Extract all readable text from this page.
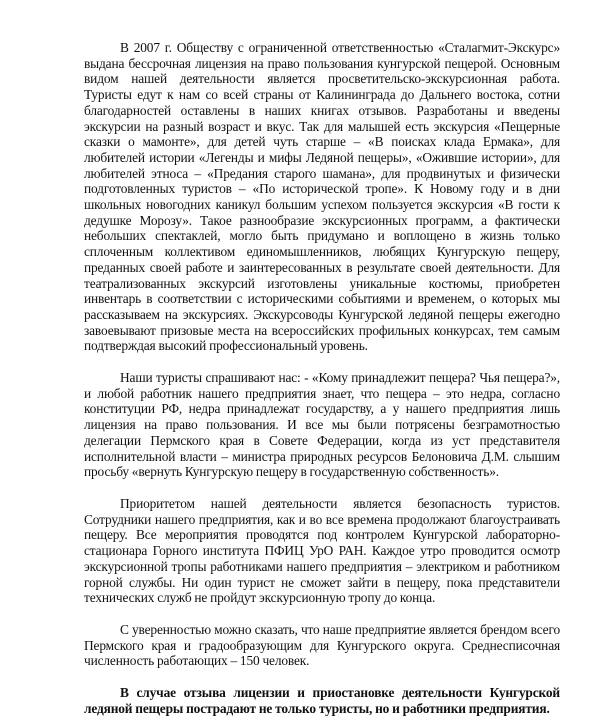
В 2007 г. Обществу с ограниченной ответственностью «Сталагмит-Экскурс» выдана бессрочная лицензия на право пользования кунгурской пещерой. Основным видом нашей деятельности является просветительско-экскурсионная работа. Туристы едут к нам со всей страны от Калининграда до Дальнего востока, сотни благодарностей оставлены в наших книгах отзывов. Разработаны и введены экскурсии на разный возраст и вкус. Так для малышей есть экскурсия «Пещерные сказки о мамонте», для детей чуть старше – «В поисках клада Ермака», для любителей истории «Легенды и мифы Ледяной пещеры», «Ожившие истории», для любителей этноса – «Предания старого шамана», для продвинутых и физически подготовленных туристов – «По исторической тропе». К Новому году и в дни школьных новогодних каникул большим успехом пользуется экскурсия «В гости к дедушке Морозу». Такое разнообразие экскурсионных программ, а фактически небольших спектаклей, могло быть придумано и воплощено в жизнь только сплоченным коллективом единомышленников, любящих Кунгурскую пещеру, преданных своей работе и заинтересованных в результате своей деятельности. Для театрализованных экскурсий изготовлены уникальные костюмы, приобретен инвентарь в соответствии с историческими событиями и временем, о которых мы рассказываем на экскурсиях. Экскурсоводы Кунгурской ледяной пещеры ежегодно завоевывают призовые места на всероссийских профильных конкурсах, тем самым подтверждая высокий профессиональный уровень.

Наши туристы спрашивают нас: - «Кому принадлежит пещера? Чья пещера?», и любой работник нашего предприятия знает, что пещера – это недра, согласно конституции РФ, недра принадлежат государству, а у нашего предприятия лишь лицензия на право пользования. И все мы были потрясены безграмотностью делегации Пермского края в Совете Федерации, когда из уст представителя исполнительной власти – министра природных ресурсов Белоновича Д.М. слышим просьбу «вернуть Кунгурскую пещеру в государственную собственность».

Приоритетом нашей деятельности является безопасность туристов. Сотрудники нашего предприятия, как и во все времена продолжают благоустраивать пещеру. Все мероприятия проводятся под контролем Кунгурской лабораторно-стационара Горного института ПФИЦ УрО РАН. Каждое утро проводится осмотр экскурсионной тропы работниками нашего предприятия – электриком и работником горной службы. Ни один турист не сможет зайти в пещеру, пока представители технических служб не пройдут экскурсионную тропу до конца.

С уверенностью можно сказать, что наше предприятие является брендом всего Пермского края и градообразующим для Кунгурского округа. Среднесписочная численность работающих – 150 человек.

В случае отзыва лицензии и приостановке деятельности Кунгурской ледяной пещеры пострадают не только туристы, но и работники предприятия.
